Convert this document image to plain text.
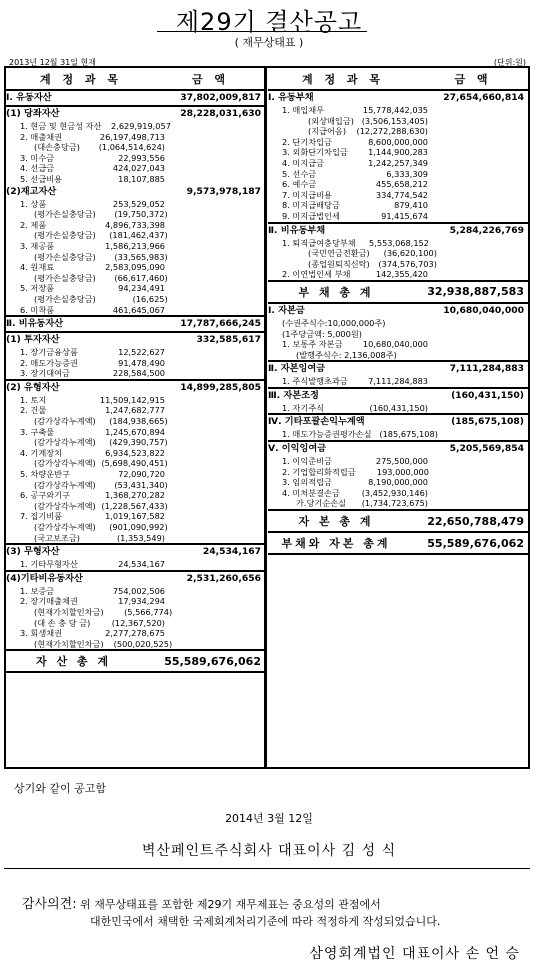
제29기 결산공고
( 재무상태표 )
2013년 12월 31일 현재	(단위:원)
계 정 과 목	금 액
Ⅰ. 유동자산	37,802,009,817
(1) 당좌자산	28,228,031,630
1. 현금 및 현금성 자산	2,629,919,057
2. 매출채권	26,197,498,713
(대손충당금)	(1,064,514,624)
3. 미수금	22,993,556
4. 선급금	424,027,043
5. 선급비용	18,107,885
(2)재고자산	9,573,978,187
1. 상품	253,529,052
(평가손실충당금)	(19,750,372)
2. 제품	4,896,733,398
(평가손실충당금)	(181,462,437)
3. 재공품	1,586,213,966
(평가손실충당금)	(33,565,983)
4. 원재료	2,583,095,090
(평가손실충당금)	(66,617,460)
5. 저장품	94,234,491
(평가손실충당금)	(16,625)
6. 미착품	461,645,067
Ⅱ. 비유동자산	17,787,666,245
(1) 투자자산	332,585,617
1. 장기금융상품	12,522,627
2. 매도가능증권	91,478,490
3. 장기대여금	228,584,500
(2) 유형자산	14,899,285,805
1. 토지	11,509,142,915
2. 건물	1,247,682,777
(감가상각누계액)	(184,938,665)
3. 구축물	1,245,670,894
(감가상각누계액)	(429,390,757)
4. 기계장치	6,934,523,822
(감가상각누계액) (5,698,490,451)
5. 차량운반구	72,090,720
(감가상각누계액)	(53,431,340)
6. 공구와기구	1,368,270,282
(감가상각누계액) (1,228,567,433)
7. 집기비품	1,019,167,582
(감가상각누계액)	(901,090,992)
(국고보조금)	(1,353,549)
(3) 무형자산	24,534,167
1. 기타무형자산	24,534,167
(4)기타비유동자산	2,531,260,656
1. 보증금	754,002,506
2. 장기매출채권	17,934,294
(현재가치할인차금)	(5,566,774)
(대 손 충 당 금)	(12,367,520)
3. 회생채권	2,277,278,675
(현재가치할인차금)	(500,020,525)
자 산 총 계	55,589,676,062
계 정 과 목	금 액
Ⅰ. 유동부채	27,654,660,814
1. 매입채무	15,778,442,035
(외상매입금) (3,506,153,405)
(지급어음)	(12,272,288,630)
2. 단기차입금	8,600,000,000
3. 외화단기차입금	1,144,900,283
4. 미지급금	1,242,257,349
5. 선수금	6,333,309
6. 예수금	455,658,212
7. 미지급비용	334,774,542
8. 미지급배당금	879,410
9. 미지급법인세	91,415,674
Ⅱ. 비유동부채	5,284,226,769
1. 퇴직급여충당부채	5,553,068,152
(국민연금전환금)	(36,620,100)
(종업원퇴직신탁)	(374,576,703)
2. 이연법인세 부채	142,355,420
부 채 총 계	32,938,887,583
Ⅰ. 자본금	10,680,040,000
(수권주식수:10,000,000주)
(1주당금액: 5,000원)
1. 보통주 자본금	10,680,040,000
(발행주식수: 2,136,008주)
Ⅱ. 자본잉여금	7,111,284,883
1. 주식발행초과금	7,111,284,883
Ⅲ. 자본조정	(160,431,150)
1. 자기주식	(160,431,150)
Ⅳ. 기타포괄손익누계액	(185,675,108)
1. 매도가능증권평가손실 (185,675,108)
Ⅴ. 이익잉여금	5,205,569,854
1. 이익준비금	275,500,000
2. 기업합리화적립금	193,000,000
3. 임의적립금	8,190,000,000
4. 미처분결손금	(3,452,930,146)
가.당기순손실	(1,734,723,675)
자 본 총 계	22,650,788,479
부채와 자본 총계	55,589,676,062
상기와 같이 공고함
2014년 3월 12일
벽산페인트주식회사 대표이사 김 성 식
감사의견: 위 재무상태표를 포함한 제29기 재무제표는 중요성의 관점에서
대한민국에서 채택한 국제회계처리기준에 따라 적정하게 작성되었습니다.
삼영회계법인 대표이사 손 언 승
